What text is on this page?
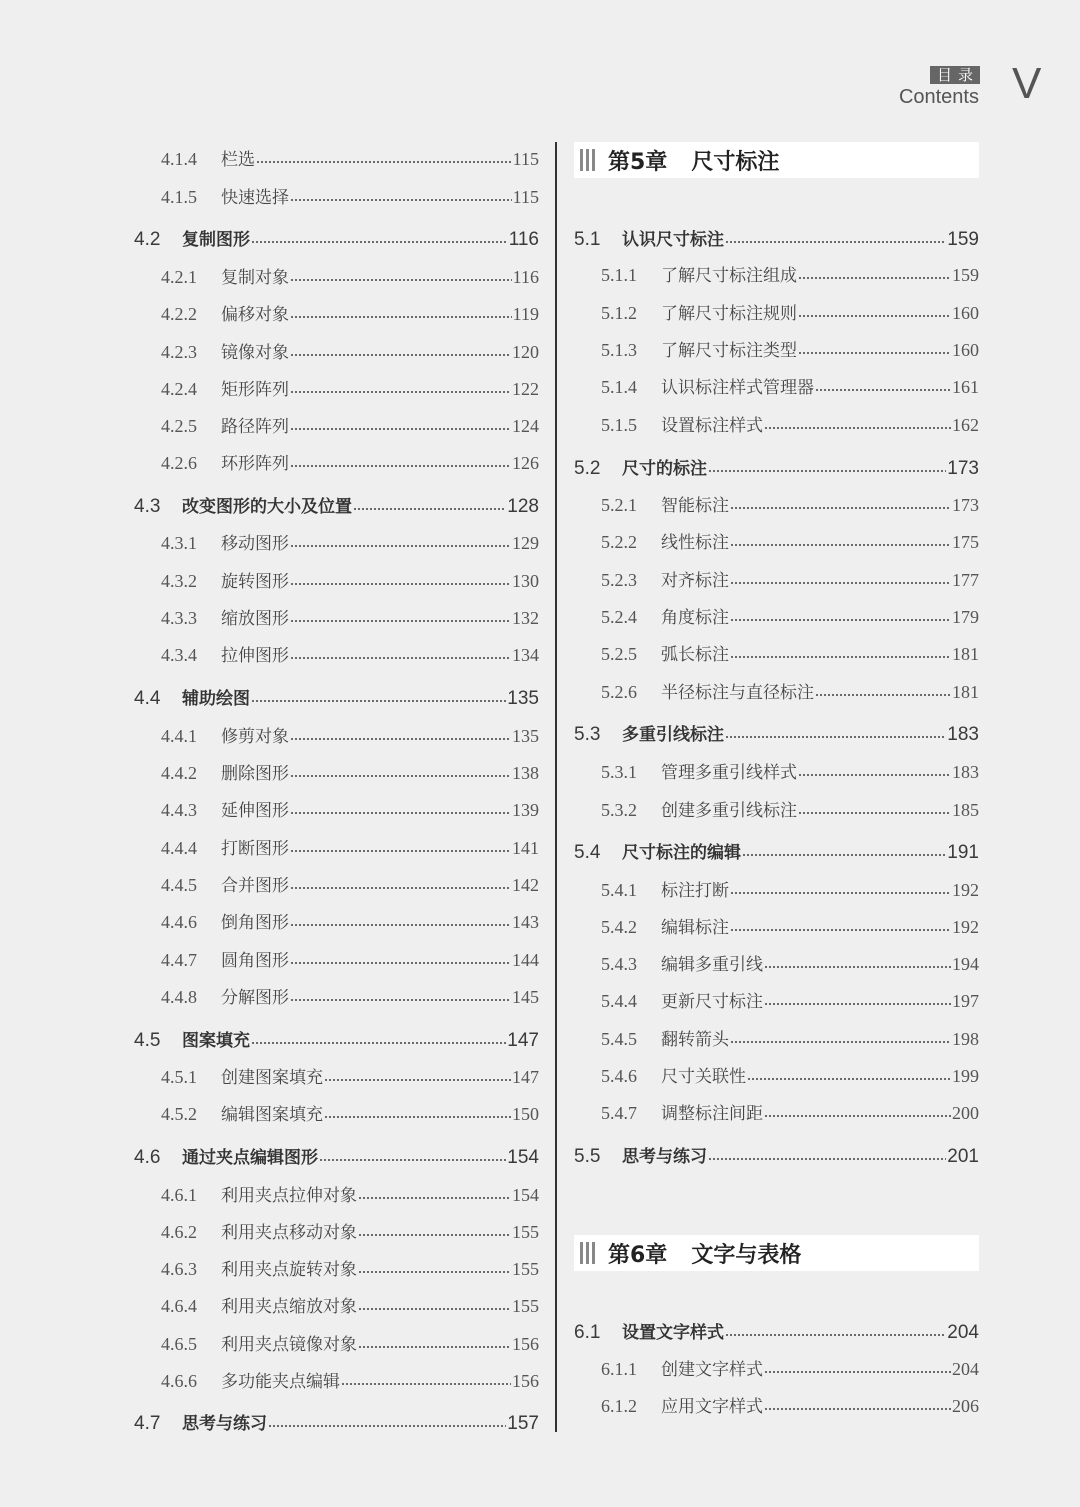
目录
Contents V
第5章 尺寸标注
第6章 文字与表格
4.1.4	栏选	115
4.1.5	快速选择	115
4.2	复制图形	116
4.2.1	复制对象	116
4.2.2	偏移对象	119
4.2.3	镜像对象	120
4.2.4	矩形阵列	122
4.2.5	路径阵列	124
4.2.6	环形阵列	126
4.3	改变图形的大小及位置	128
4.3.1	移动图形	129
4.3.2	旋转图形	130
4.3.3	缩放图形	132
4.3.4	拉伸图形	134
4.4	辅助绘图	135
4.4.1	修剪对象	135
4.4.2	删除图形	138
4.4.3	延伸图形	139
4.4.4	打断图形	141
4.4.5	合并图形	142
4.4.6	倒角图形	143
4.4.7	圆角图形	144
4.4.8	分解图形	145
4.5	图案填充	147
4.5.1	创建图案填充	147
4.5.2	编辑图案填充	150
4.6	通过夹点编辑图形	154
4.6.1	利用夹点拉伸对象	154
4.6.2	利用夹点移动对象	155
4.6.3	利用夹点旋转对象	155
4.6.4	利用夹点缩放对象	155
4.6.5	利用夹点镜像对象	156
4.6.6	多功能夹点编辑	156
4.7	思考与练习	157
5.1	认识尺寸标注	159
5.1.1	了解尺寸标注组成	159
5.1.2	了解尺寸标注规则	160
5.1.3	了解尺寸标注类型	160
5.1.4	认识标注样式管理器	161
5.1.5	设置标注样式	162
5.2	尺寸的标注	173
5.2.1	智能标注	173
5.2.2	线性标注	175
5.2.3	对齐标注	177
5.2.4	角度标注	179
5.2.5	弧长标注	181
5.2.6	半径标注与直径标注	181
5.3	多重引线标注	183
5.3.1	管理多重引线样式	183
5.3.2	创建多重引线标注	185
5.4	尺寸标注的编辑	191
5.4.1	标注打断	192
5.4.2	编辑标注	192
5.4.3	编辑多重引线	194
5.4.4	更新尺寸标注	197
5.4.5	翻转箭头	198
5.4.6	尺寸关联性	199
5.4.7	调整标注间距	200
5.5	思考与练习	201
6.1	设置文字样式	204
6.1.1	创建文字样式	204
6.1.2	应用文字样式	206
